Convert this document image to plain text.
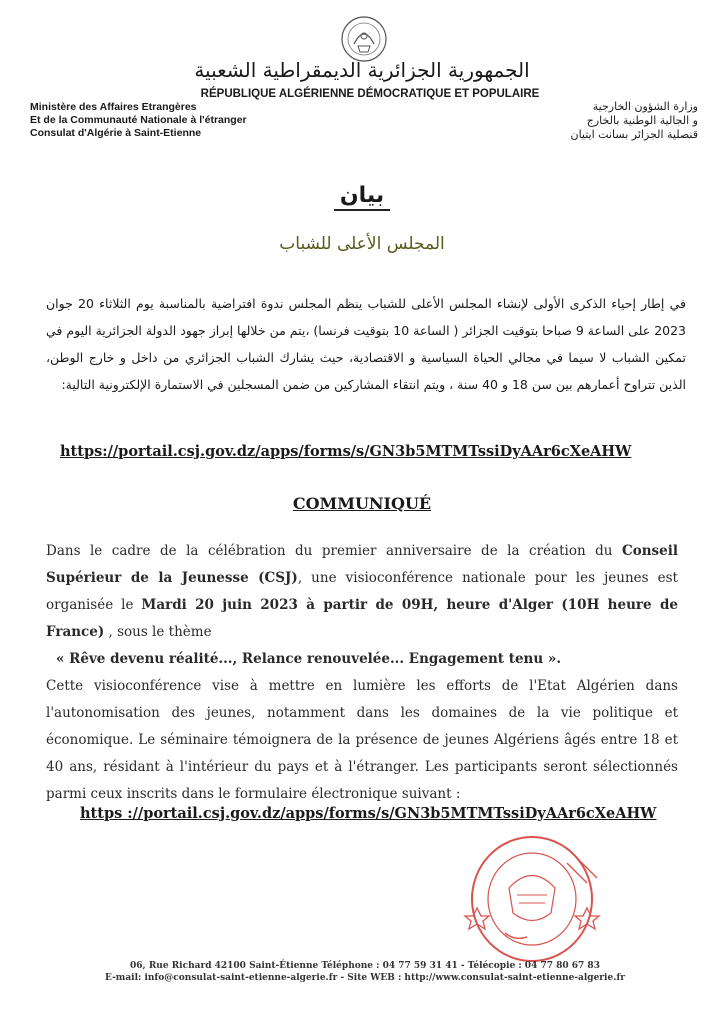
الجمهورية الجزائرية الديمقراطية الشعبية
RÉPUBLIQUE ALGÉRIENNE DÉMOCRATIQUE ET POPULAIRE
Ministère des Affaires Etrangères
Et de la Communauté Nationale à l'étranger
Consulat d'Algérie à Saint-Etienne
وزارة الشؤون الخارجية
و الجالية الوطنية بالخارج
قنصلية الجزائر بسانت ايتيان
بيان
المجلس الأعلى للشباب
في إطار إحياء الذكرى الأولى لإنشاء المجلس الأعلى للشباب ينظم المجلس ندوة افتراضية بالمناسبة يوم الثلاثاء 20 جوان 2023 على الساعة 9 صباحا بتوقيت الجزائر ( الساعة 10 بتوقيت فرنسا) ،يتم من خلالها إبراز جهود الدولة الجزائرية اليوم في تمكين الشباب لا سيما في مجالي الحياة السياسية و الاقتصادية، حيث يشارك الشباب الجزائري من داخل و خارج الوطن، الذين تتراوح أعمارهم بين سن 18 و 40 سنة ، ويتم انتقاء المشاركين من ضمن المسجلين في الاستمارة الإلكترونية التالية:
https://portail.csj.gov.dz/apps/forms/s/GN3b5MTMTssiDyAAr6cXeAHW
COMMUNIQUÉ

Dans le cadre de la célébration du premier anniversaire de la création du Conseil Supérieur de la Jeunesse (CSJ), une visioconférence nationale pour les jeunes est organisée le Mardi 20 juin 2023 à partir de 09H, heure d'Alger (10H heure de France) , sous le thème
« Rêve devenu réalité..., Relance renouvelée... Engagement tenu ».

Cette visioconférence vise à mettre en lumière les efforts de l'Etat Algérien dans l'autonomisation des jeunes, notamment dans les domaines de la vie politique et économique. Le séminaire témoignera de la présence de jeunes Algériens âgés entre 18 et 40 ans, résidant à l'intérieur du pays et à l'étranger. Les participants seront sélectionnés parmi ceux inscrits dans le formulaire électronique suivant :

https ://portail.csj.gov.dz/apps/forms/s/GN3b5MTMTssiDyAAr6cXeAHW
06, Rue Richard 42100 Saint-Étienne Téléphone : 04 77 59 31 41 - Télécopie : 04 77 80 67 83
E-mail: info@consulat-saint-etienne-algerie.fr - Site WEB : http://www.consulat-saint-etienne-algerie.fr
